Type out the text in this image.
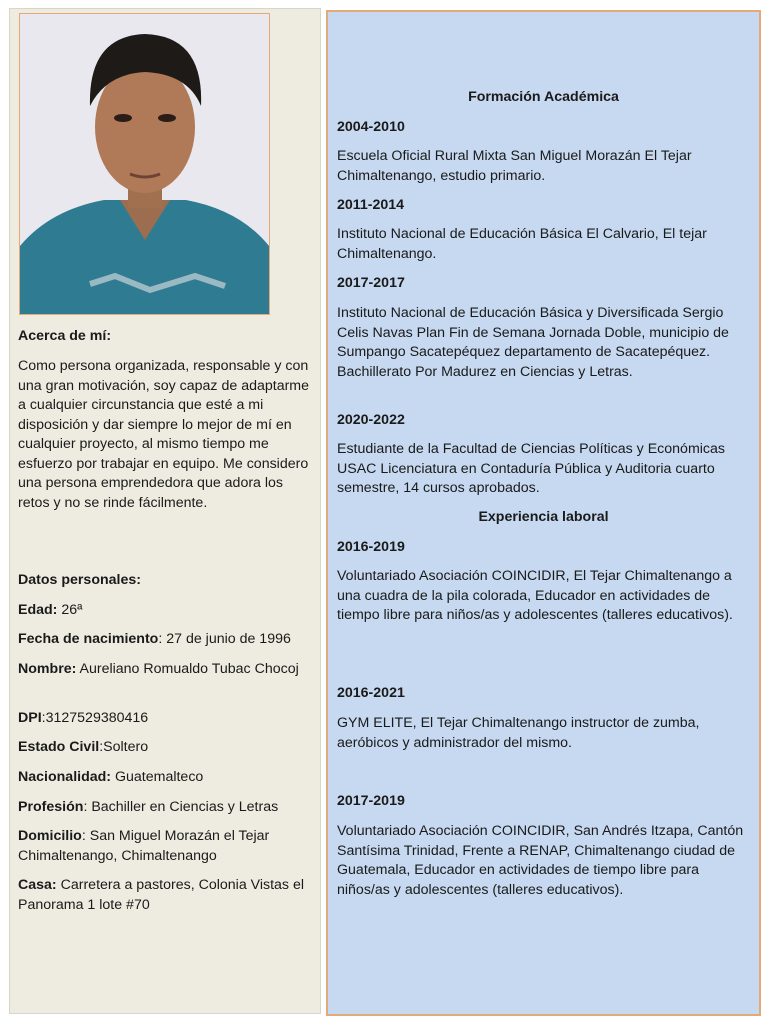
Acerca de mí:
Como persona organizada, responsable y con una gran motivación, soy capaz de adaptarme a cualquier circunstancia que esté a mi disposición y dar siempre lo mejor de mí en cualquier proyecto, al mismo tiempo me esfuerzo por trabajar en equipo. Me considero una persona emprendedora que adora los retos y no se rinde fácilmente.
Datos personales:
Edad: 26ª
Fecha de nacimiento: 27 de junio de 1996
Nombre: Aureliano Romualdo Tubac Chocoj
DPI:3127529380416
Estado Civil:Soltero
Nacionalidad: Guatemalteco
Profesión: Bachiller en Ciencias y Letras
Domicilio: San Miguel Morazán el Tejar Chimaltenango, Chimaltenango
Casa: Carretera a pastores, Colonia Vistas el Panorama 1 lote #70
Formación Académica
2004-2010
Escuela Oficial Rural Mixta San Miguel Morazán El Tejar Chimaltenango, estudio primario.
2011-2014
Instituto Nacional de Educación Básica El Calvario, El tejar Chimaltenango.
2017-2017
Instituto Nacional de Educación Básica y Diversificada Sergio Celis Navas Plan Fin de Semana Jornada Doble, municipio de Sumpango Sacatepéquez departamento de Sacatepéquez. Bachillerato Por Madurez en Ciencias y Letras.
2020-2022
Estudiante de la Facultad de Ciencias Políticas y Económicas USAC Licenciatura en Contaduría Pública y Auditoria cuarto semestre, 14 cursos aprobados.
Experiencia laboral
2016-2019
Voluntariado Asociación COINCIDIR, El Tejar Chimaltenango a una cuadra de la pila colorada, Educador en actividades de tiempo libre para niños/as y adolescentes (talleres educativos).
2016-2021
GYM ELITE, El Tejar Chimaltenango instructor de zumba, aeróbicos y administrador del mismo.
2017-2019
Voluntariado Asociación COINCIDIR, San Andrés Itzapa, Cantón Santísima Trinidad, Frente a RENAP, Chimaltenango ciudad de Guatemala, Educador en actividades de tiempo libre para niños/as y adolescentes (talleres educativos).
